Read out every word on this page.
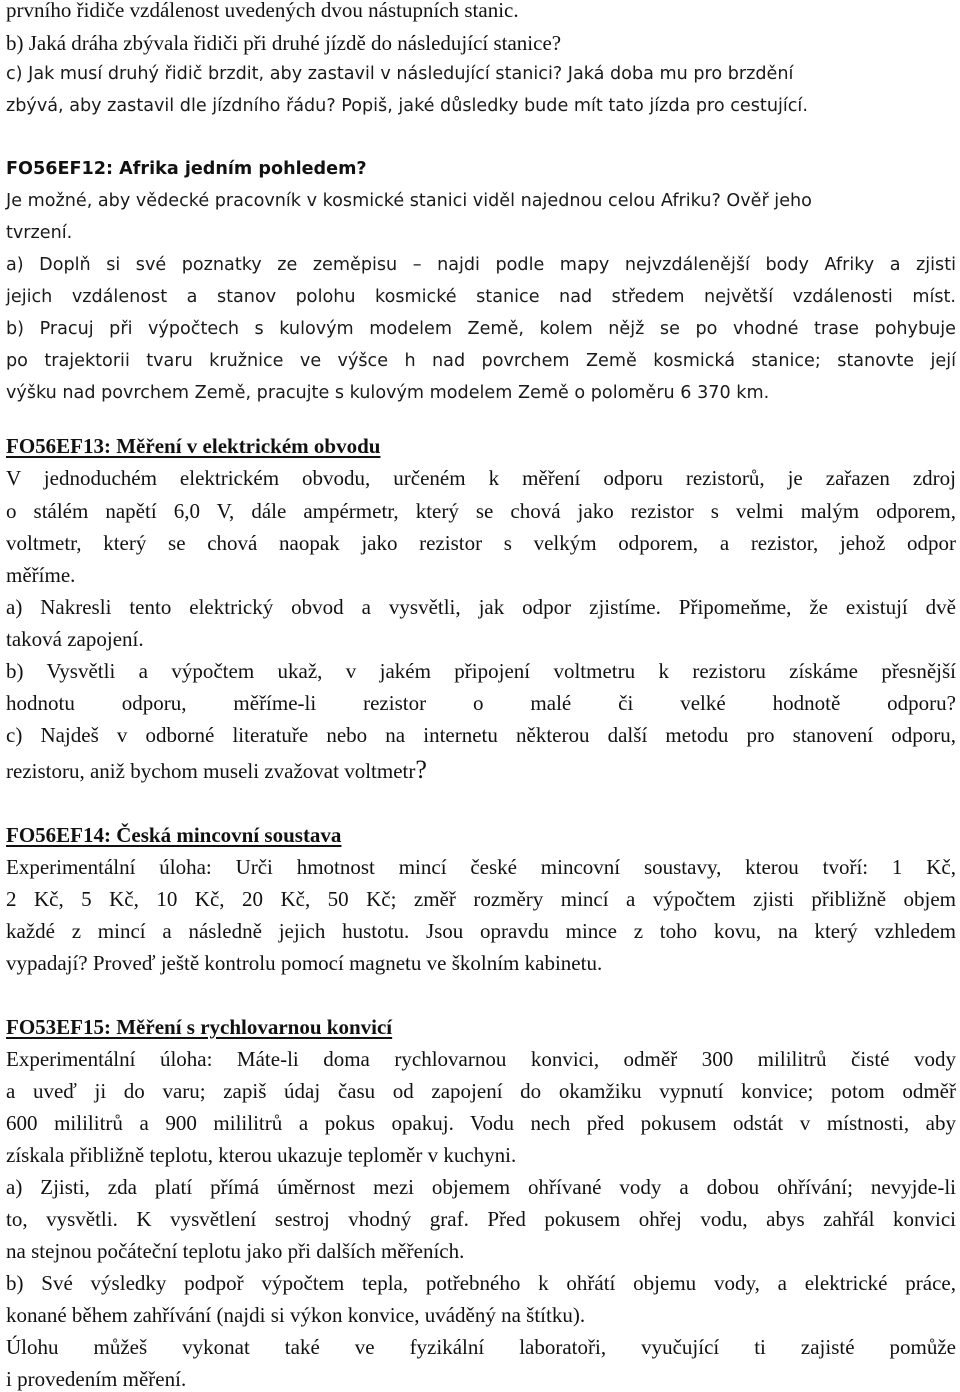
prvního řidiče vzdálenost uvedených dvou nástupních stanic.
b) Jaká dráha zbývala řidiči při druhé jízdě do následující stanice?
c) Jak musí druhý řidič brzdit, aby zastavil v následující stanici? Jaká doba mu pro brzdění
zbývá, aby zastavil dle jízdního řádu? Popiš, jaké důsledky bude mít tato jízda pro cestující.
FO56EF12: Afrika jedním pohledem?
Je možné, aby vědecké pracovník v kosmické stanici viděl najednou celou Afriku? Ověř jeho
tvrzení.
a) Doplň si své poznatky ze zeměpisu – najdi podle mapy nejvzdálenější body Afriky a zjisti
jejich vzdálenost a stanov polohu kosmické stanice nad středem největší vzdálenosti míst.
b) Pracuj při výpočtech s kulovým modelem Země, kolem nějž se po vhodné trase pohybuje
po trajektorii tvaru kružnice ve výšce h nad povrchem Země kosmická stanice; stanovte její
výšku nad povrchem Země, pracujte s kulovým modelem Země o poloměru 6 370 km.
FO56EF13: Měření v elektrickém obvodu
V jednoduchém elektrickém obvodu, určeném k měření odporu rezistorů, je zařazen zdroj
o stálém napětí 6,0 V, dále ampérmetr, který se chová jako rezistor s velmi malým odporem,
voltmetr, který se chová naopak jako rezistor s velkým odporem, a rezistor, jehož odpor
měříme.
a) Nakresli tento elektrický obvod a vysvětli, jak odpor zjistíme. Připomeňme, že existují dvě
taková zapojení.
b) Vysvětli a výpočtem ukaž, v jakém připojení voltmetru k rezistoru získáme přesnější
hodnotu odporu, měříme-li rezistor o malé či velké hodnotě odporu?
c) Najdeš v odborné literatuře nebo na internetu některou další metodu pro stanovení odporu,
rezistoru, aniž bychom museli zvažovat voltmetr?
FO56EF14: Česká mincovní soustava
Experimentální úloha: Urči hmotnost mincí české mincovní soustavy, kterou tvoří: 1 Kč,
2 Kč, 5 Kč, 10 Kč, 20 Kč, 50 Kč; změř rozměry mincí a výpočtem zjisti přibližně objem
každé z mincí a následně jejich hustotu. Jsou opravdu mince z toho kovu, na který vzhledem
vypadají? Proveď ještě kontrolu pomocí magnetu ve školním kabinetu.
FO53EF15: Měření s rychlovarnou konvicí
Experimentální úloha: Máte-li doma rychlovarnou konvici, odměř 300 mililitrů čisté vody
a uveď ji do varu; zapiš údaj času od zapojení do okamžiku vypnutí konvice; potom odměř
600 mililitrů a 900 mililitrů a pokus opakuj. Vodu nech před pokusem odstát v místnosti, aby
získala přibližně teplotu, kterou ukazuje teploměr v kuchyni.
a) Zjisti, zda platí přímá úměrnost mezi objemem ohřívané vody a dobou ohřívání; nevyjde-li
to, vysvětli. K vysvětlení sestroj vhodný graf. Před pokusem ohřej vodu, abys zahřál konvici
na stejnou počáteční teplotu jako při dalších měřeních.
b) Své výsledky podpoř výpočtem tepla, potřebného k ohřátí objemu vody, a elektrické práce,
konané během zahřívání (najdi si výkon konvice, uváděný na štítku).
Úlohu můžeš vykonat také ve fyzikální laboratoři, vyučující ti zajisté pomůže
i provedením měření.
